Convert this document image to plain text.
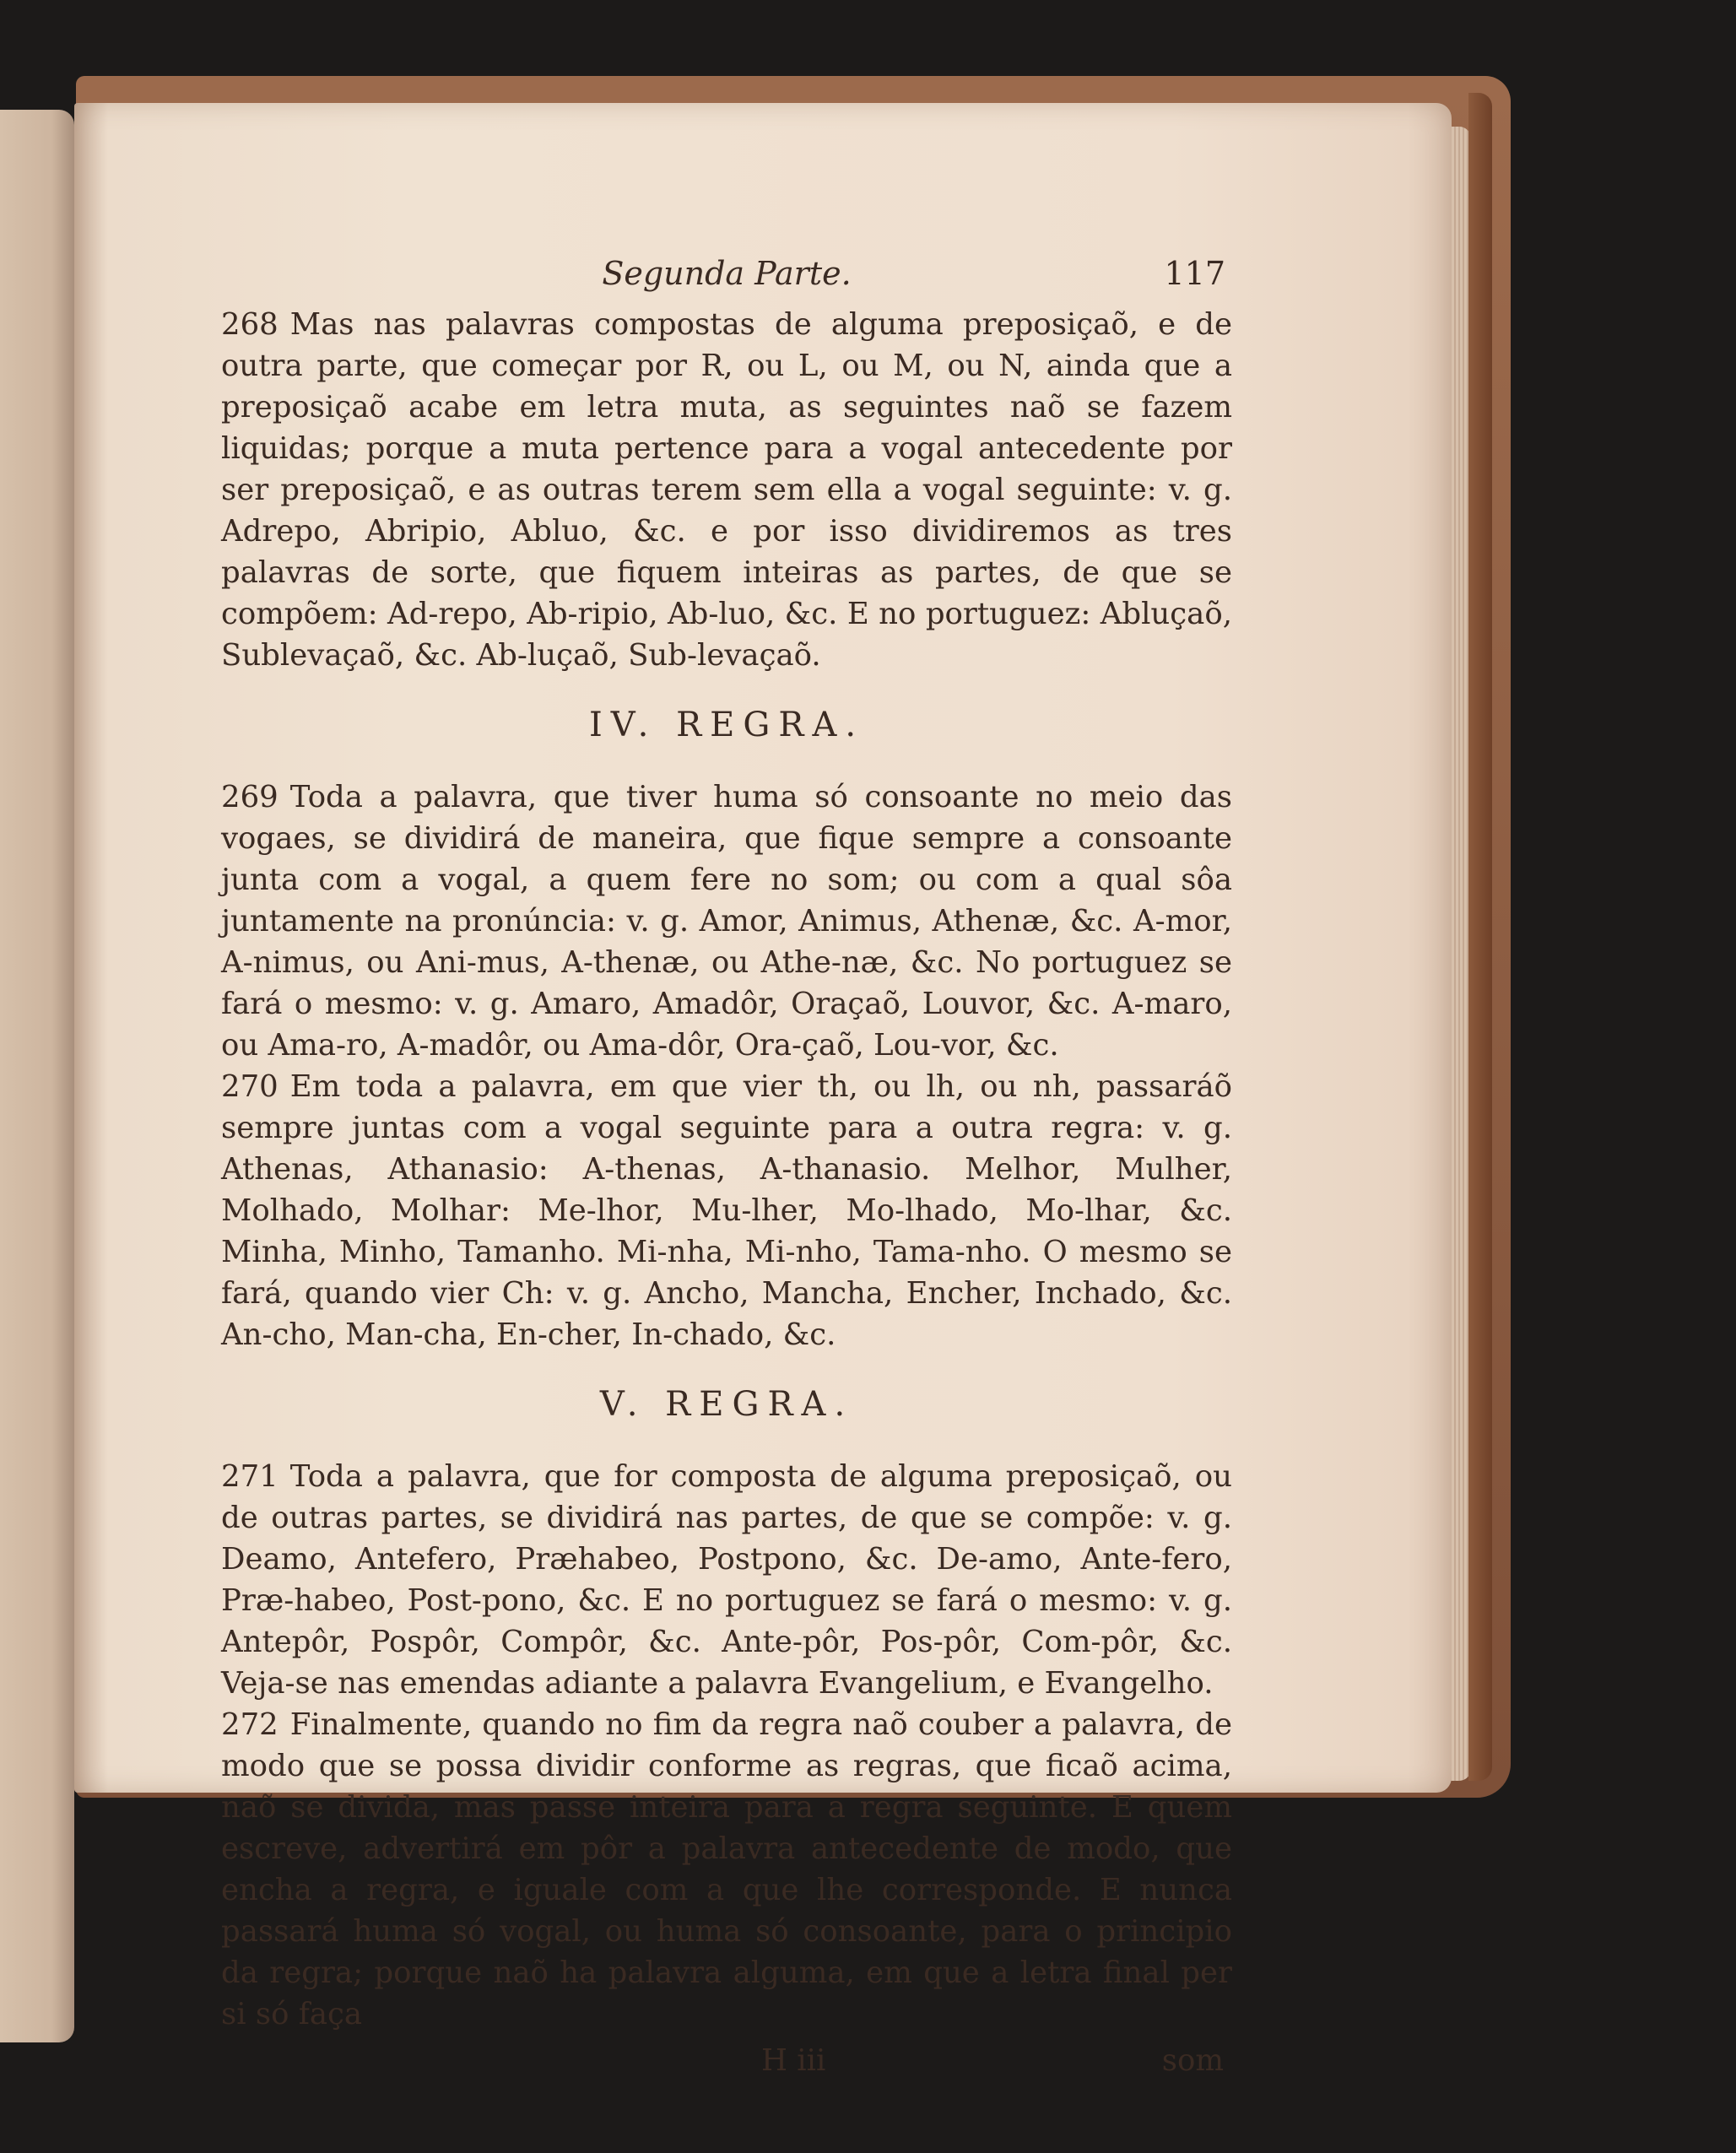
Segunda Parte.	117

268 Mas nas palavras compostas de alguma preposiçaõ, e de outra parte, que começar por R, ou L, ou M, ou N, ainda que a preposiçaõ acabe em letra muta, as seguintes naõ se fazem liquidas; porque a muta pertence para a vogal antecedente por ser preposiçaõ, e as outras terem sem ella a vogal seguinte: v. g. Adrepo, Abripio, Abluo, &c. e por isso dividiremos as tres palavras de sorte, que fiquem inteiras as partes, de que se compõem: Ad-repo, Ab-ripio, Ab-luo, &c. E no portuguez: Abluçaõ, Sublevaçaõ, &c. Ab-luçaõ, Sub-levaçaõ.

IV. REGRA.

269 Toda a palavra, que tiver huma só consoante no meio das vogaes, se dividirá de maneira, que fique sempre a consoante junta com a vogal, a quem fere no som; ou com a qual sôa juntamente na pronúncia: v. g. Amor, Animus, Athenæ, &c. A-mor, A-nimus, ou Ani-mus, A-thenæ, ou Athe-næ, &c. No portuguez se fará o mesmo: v. g. Amaro, Amadôr, Oraçaõ, Louvor, &c. A-maro, ou Ama-ro, A-madôr, ou Ama-dôr, Ora-çaõ, Lou-vor, &c.

270 Em toda a palavra, em que vier th, ou lh, ou nh, passaráõ sempre juntas com a vogal seguinte para a outra regra: v. g. Athenas, Athanasio: A-thenas, A-thanasio. Melhor, Mulher, Molhado, Molhar: Me-lhor, Mu-lher, Mo-lhado, Mo-lhar, &c. Minha, Minho, Tamanho. Mi-nha, Mi-nho, Tama-nho. O mesmo se fará, quando vier Ch: v. g. Ancho, Mancha, Encher, Inchado, &c. An-cho, Man-cha, En-cher, In-chado, &c.

V. REGRA.

271 Toda a palavra, que for composta de alguma preposiçaõ, ou de outras partes, se dividirá nas partes, de que se compõe: v. g. Deamo, Antefero, Præhabeo, Postpono, &c. De-amo, Ante-fero, Præ-habeo, Post-pono, &c. E no portuguez se fará o mesmo: v. g. Antepôr, Pospôr, Compôr, &c. Ante-pôr, Pos-pôr, Com-pôr, &c. Veja-se nas emendas adiante a palavra Evangelium, e Evangelho.

272 Finalmente, quando no fim da regra naõ couber a palavra, de modo que se possa dividir conforme as regras, que ficaõ acima, naõ se divida, mas passe inteira para a regra seguinte. E quem escreve, advertirá em pôr a palavra antecedente de modo, que encha a regra, e iguale com a que lhe corresponde. E nunca passará huma só vogal, ou huma só consoante, para o principio da regra; porque naõ ha palavra alguma, em que a letra final per si só faça

H iii	som
